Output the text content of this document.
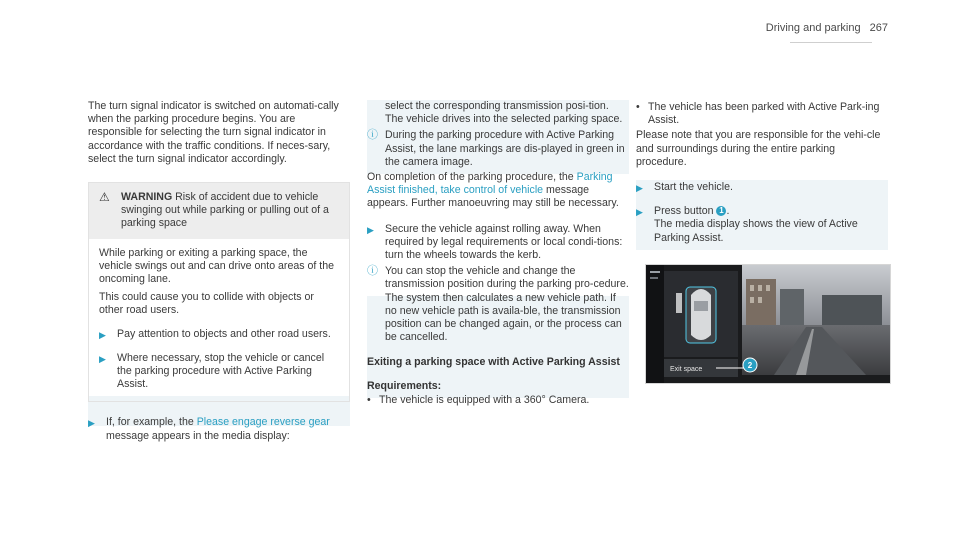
Driving and parking 267

The turn signal indicator is switched on automati-cally when the parking procedure begins. You are responsible for selecting the turn signal indicator in accordance with the traffic conditions. If neces-sary, select the turn signal indicator accordingly.

⚠	WARNING Risk of accident due to vehicle swinging out while parking or pulling out of a parking space

While parking or exiting a parking space, the vehicle swings out and can drive onto areas of the oncoming lane.

This could cause you to collide with objects or other road users.

▶	Pay attention to objects and other road users.
▶	Where necessary, stop the vehicle or cancel the parking procedure with Active Parking Assist.
▶	If, for example, the Please engage reverse gear message appears in the media display:

select the corresponding transmission posi-tion.

The vehicle drives into the selected parking space.

ⓘ During the parking procedure with Active Parking Assist, the lane markings are dis-played in green in the camera image.

On completion of the parking procedure, the Parking Assist finished, take control of vehicle message appears. Further manoeuvring may still be necessary.

▶	Secure the vehicle against rolling away. When required by legal requirements or local condi-tions: turn the wheels towards the kerb.
ⓘ You can stop the vehicle and change the transmission position during the parking pro-cedure. The system then calculates a new vehicle path. If no new vehicle path is availa-ble, the transmission position can be changed again, or the process can be cancelled.
Exiting a parking space with Active Parking Assist
Requirements:
• The vehicle is equipped with a 360° Camera.
• The vehicle has been parked with Active Park-ing Assist.

Please note that you are responsible for the vehi-cle and surroundings during the entire parking procedure.

▶	Start the vehicle.
▶	Press button 1 .
The media display shows the view of Active Parking Assist.
Exit space	2
